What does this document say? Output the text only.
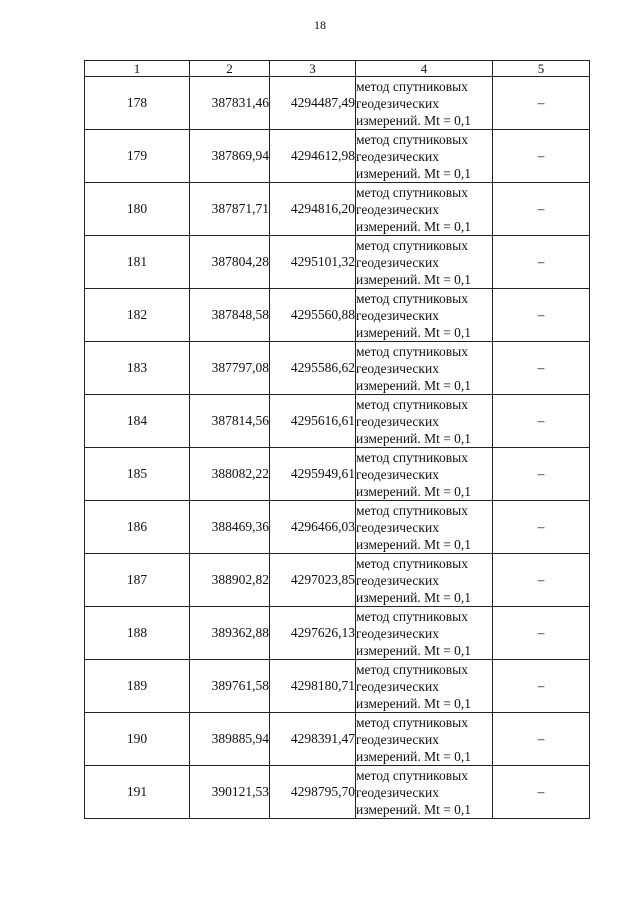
18
1	2	3	4	5
178	387831,46	4294487,49	метод спутниковых
геодезических
измерений. Mt = 0,1	–
179	387869,94	4294612,98	метод спутниковых
геодезических
измерений. Mt = 0,1	–
180	387871,71	4294816,20	метод спутниковых
геодезических
измерений. Mt = 0,1	–
181	387804,28	4295101,32	метод спутниковых
геодезических
измерений. Mt = 0,1	–
182	387848,58	4295560,88	метод спутниковых
геодезических
измерений. Mt = 0,1	–
183	387797,08	4295586,62	метод спутниковых
геодезических
измерений. Mt = 0,1	–
184	387814,56	4295616,61	метод спутниковых
геодезических
измерений. Mt = 0,1	–
185	388082,22	4295949,61	метод спутниковых
геодезических
измерений. Mt = 0,1	–
186	388469,36	4296466,03	метод спутниковых
геодезических
измерений. Mt = 0,1	–
187	388902,82	4297023,85	метод спутниковых
геодезических
измерений. Mt = 0,1	–
188	389362,88	4297626,13	метод спутниковых
геодезических
измерений. Mt = 0,1	–
189	389761,58	4298180,71	метод спутниковых
геодезических
измерений. Mt = 0,1	–
190	389885,94	4298391,47	метод спутниковых
геодезических
измерений. Mt = 0,1	–
191	390121,53	4298795,70	метод спутниковых
геодезических
измерений. Mt = 0,1	–
